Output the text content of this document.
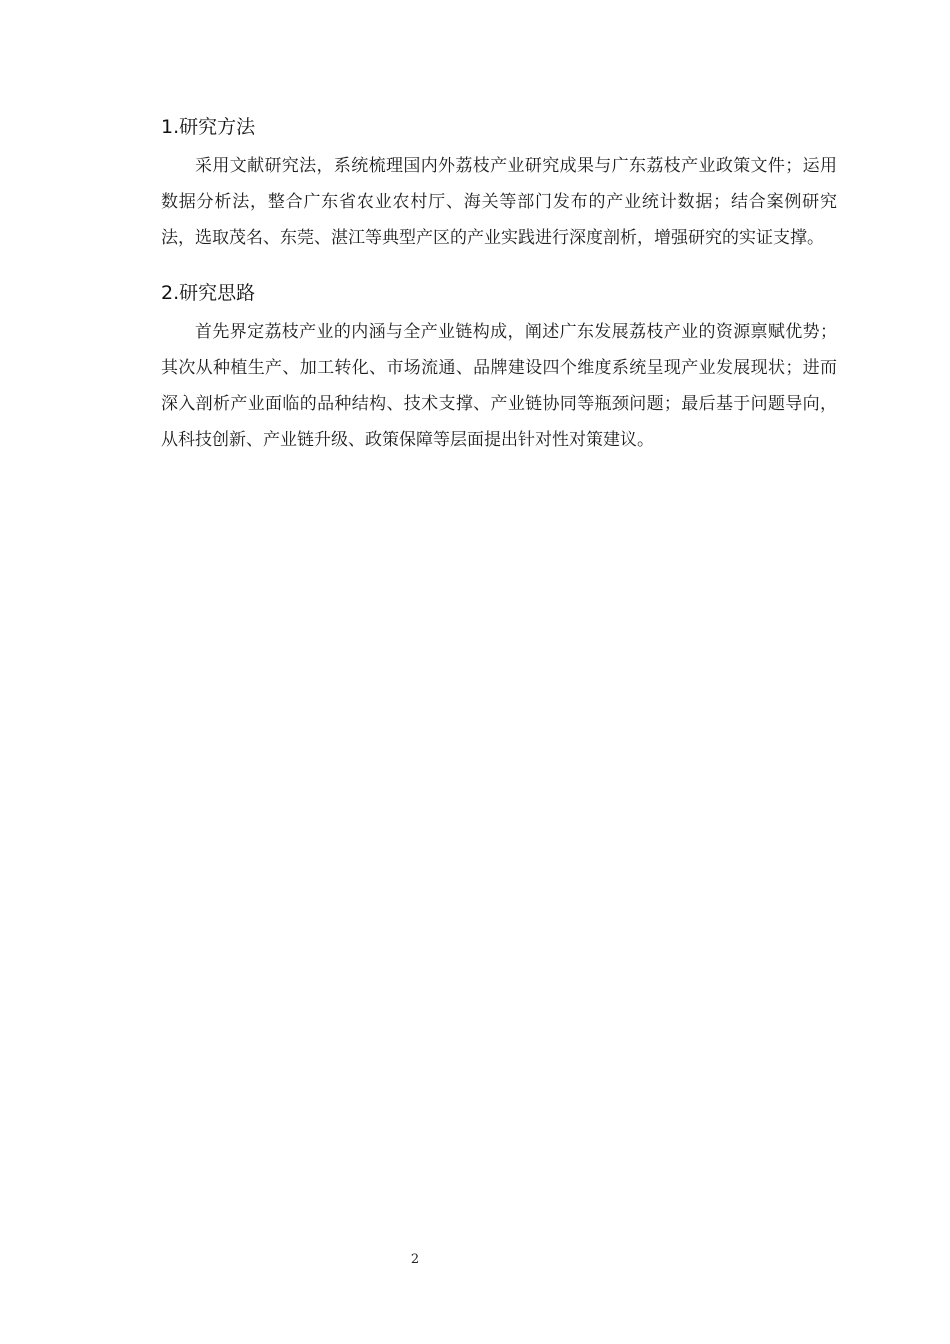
1.研究方法

采用文献研究法，系统梳理国内外荔枝产业研究成果与广东荔枝产业政策文件；运用数据分析法，整合广东省农业农村厅、海关等部门发布的产业统计数据；结合案例研究法，选取茂名、东莞、湛江等典型产区的产业实践进行深度剖析，增强研究的实证支撑。

2.研究思路

首先界定荔枝产业的内涵与全产业链构成，阐述广东发展荔枝产业的资源禀赋优势；其次从种植生产、加工转化、市场流通、品牌建设四个维度系统呈现产业发展现状；进而深入剖析产业面临的品种结构、技术支撑、产业链协同等瓶颈问题；最后基于问题导向，从科技创新、产业链升级、政策保障等层面提出针对性对策建议。

2
